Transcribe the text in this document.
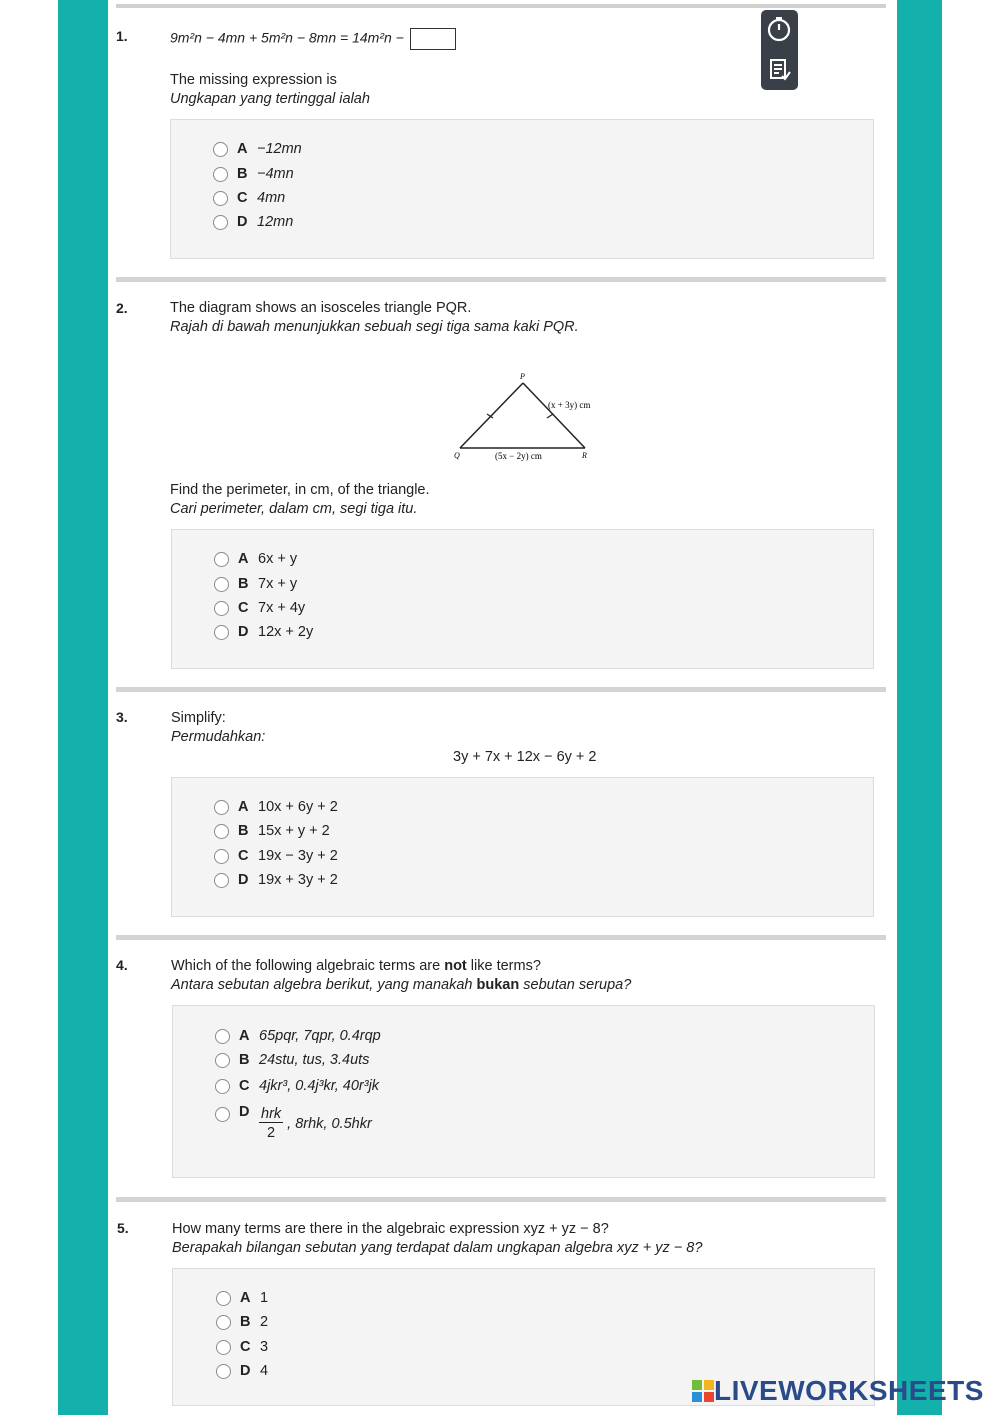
1.	9m²n − 4mn + 5m²n − 8mn = 14m²n −
The missing expression is
Ungkapan yang tertinggal ialah
A −12mn
B −4mn
C 4mn
D 12mn
2.	The diagram shows an isosceles triangle PQR.
Rajah di bawah menunjukkan sebuah segi tiga sama kaki PQR.
P
Q	R
(x + 3y) cm
(5x − 2y) cm
Find the perimeter, in cm, of the triangle.
Cari perimeter, dalam cm, segi tiga itu.
A 6x + y
B 7x + y
C 7x + 4y
D 12x + 2y
3.	Simplify:
Permudahkan:
3y + 7x + 12x − 6y + 2
A 10x + 6y + 2
B 15x + y + 2
C 19x − 3y + 2
D 19x + 3y + 2
4.	Which of the following algebraic terms are not like terms?
Antara sebutan algebra berikut, yang manakah bukan sebutan serupa?
A 65pqr, 7qpr, 0.4rqp
B 24stu, tus, 3.4uts
C 4jkr³, 0.4j³kr, 40r³jk
D $\frac{\text{hrk}}{2}$ , 8rhk, 0.5hkr
5.	How many terms are there in the algebraic expression xyz + yz − 8?
Berapakah bilangan sebutan yang terdapat dalam ungkapan algebra xyz + yz − 8?
A 1
B 2
C 3
D 4
LIVEWORKSHEETS
